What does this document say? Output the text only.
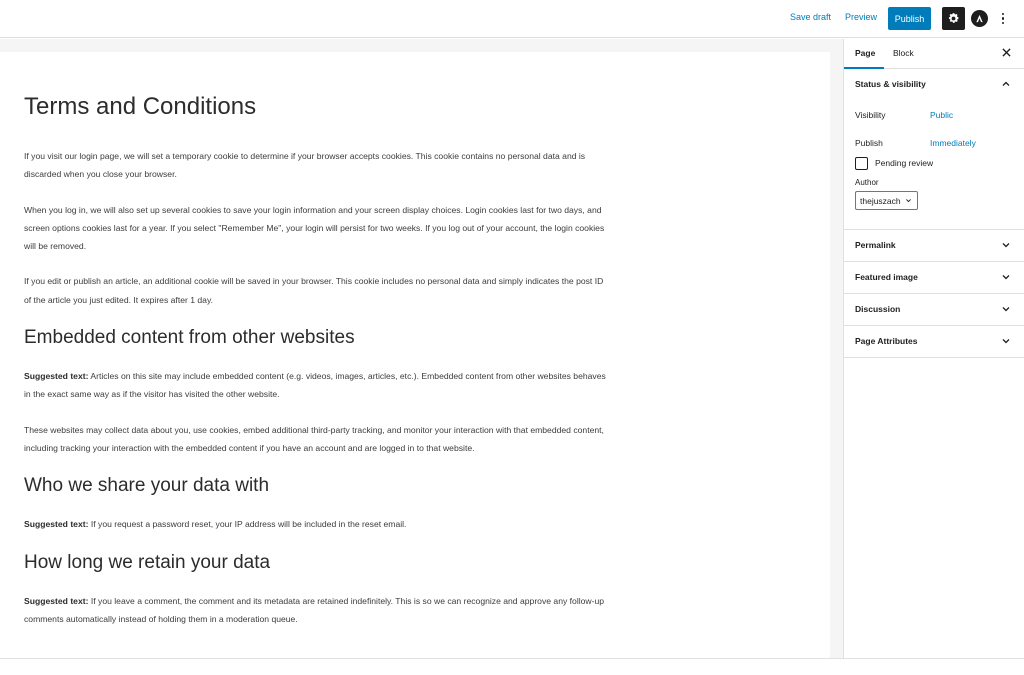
Save draft Preview	Publish
Terms and Conditions

If you visit our login page, we will set a temporary cookie to determine if your browser accepts cookies. This cookie contains no personal data and is discarded when you close your browser.

When you log in, we will also set up several cookies to save your login information and your screen display choices. Login cookies last for two days, and screen options cookies last for a year. If you select "Remember Me", your login will persist for two weeks. If you log out of your account, the login cookies will be removed.

If you edit or publish an article, an additional cookie will be saved in your browser. This cookie includes no personal data and simply indicates the post ID of the article you just edited. It expires after 1 day.

Embedded content from other websites

Suggested text: Articles on this site may include embedded content (e.g. videos, images, articles, etc.). Embedded content from other websites behaves in the exact same way as if the visitor has visited the other website.

These websites may collect data about you, use cookies, embed additional third-party tracking, and monitor your interaction with that embedded content, including tracking your interaction with the embedded content if you have an account and are logged in to that website.

Who we share your data with

Suggested text: If you request a password reset, your IP address will be included in the reset email.

How long we retain your data

Suggested text: If you leave a comment, the comment and its metadata are retained indefinitely. This is so we can recognize and approve any follow-up comments automatically instead of holding them in a moderation queue.

Page Block
Status & visibility
Visibility	Public
Publish	Immediately
Pending review
Author
thejuszach
Permalink
Featured image
Discussion
Page Attributes
